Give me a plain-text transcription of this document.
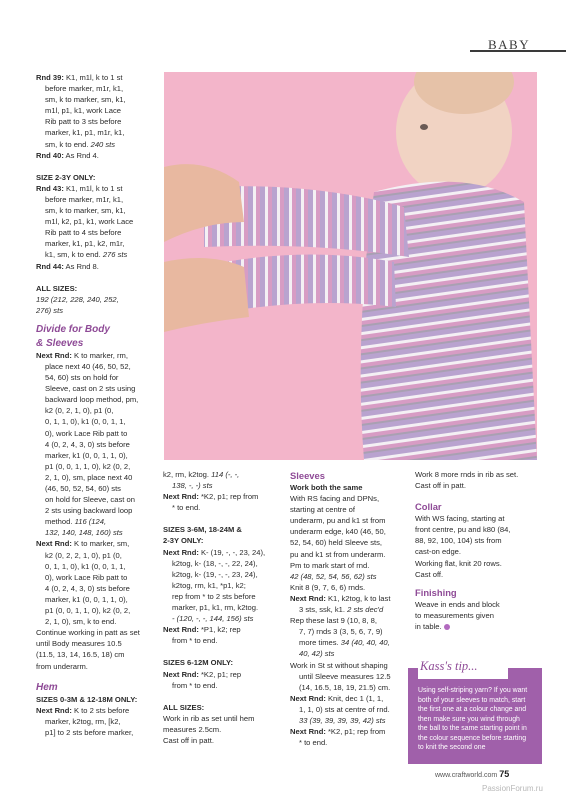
BABY

Rnd 39: K1, m1l, k to 1 st

before marker, m1r, k1,

sm, k to marker, sm, k1,

m1l, p1, k1, work Lace

Rib patt to 3 sts before

marker, k1, p1, m1r, k1,

sm, k to end. 240 sts

Rnd 40: As Rnd 4.

SIZE 2-3Y ONLY:

Rnd 43: K1, m1l, k to 1 st

before marker, m1r, k1,

sm, k to marker, sm, k1,

m1l, k2, p1, k1, work Lace

Rib patt to 4 sts before

marker, k1, p1, k2, m1r,

k1, sm, k to end. 276 sts

Rnd 44: As Rnd 8.

ALL SIZES:

192 (212, 228, 240, 252,

276) sts

Divide for Body

& Sleeves

Next Rnd: K to marker, rm,

place next 40 (46, 50, 52,

54, 60) sts on hold for

Sleeve, cast on 2 sts using

backward loop method, pm,

k2 (0, 2, 1, 0), p1 (0,

0, 1, 1, 0), k1 (0, 0, 1, 1,

0), work Lace Rib patt to

4 (0, 2, 4, 3, 0) sts before

marker, k1 (0, 0, 1, 1, 0),

p1 (0, 0, 1, 1, 0), k2 (0, 2,

2, 1, 0), sm, place next 40

(46, 50, 52, 54, 60) sts

on hold for Sleeve, cast on

2 sts using backward loop

method. 116 (124,

132, 140, 148, 160) sts

Next Rnd: K to marker, sm,

k2 (0, 2, 2, 1, 0), p1 (0,

0, 1, 1, 0), k1 (0, 0, 1, 1,

0), work Lace Rib patt to

4 (0, 2, 4, 3, 0) sts before

marker, k1 (0, 0, 1, 1, 0),

p1 (0, 0, 1, 1, 0), k2 (0, 2,

2, 1, 0), sm, k to end.

Continue working in patt as set

until Body measures 10.5

(11.5, 13, 14, 16.5, 18) cm

from underarm.

Hem

SIZES 0-3M & 12-18M ONLY:

Next Rnd: K to 2 sts before

marker, k2tog, rm, [k2,

p1] to 2 sts before marker,

k2, rm, k2tog. 114 (-, -,

138, -, -) sts

Next Rnd: *K2, p1; rep from

* to end.

SIZES 3-6M, 18-24M &

2-3Y ONLY:

Next Rnd: K- (19, -, -, 23, 24),

k2tog, k- (18, -, -, 22, 24),

k2tog, k- (19, -, -, 23, 24),

k2tog, rm, k1, *p1, k2;

rep from * to 2 sts before

marker, p1, k1, rm, k2tog.

- (120, -, -, 144, 156) sts

Next Rnd: *P1, k2; rep

from * to end.

SIZES 6-12M ONLY:

Next Rnd: *K2, p1; rep

from * to end.

ALL SIZES:

Work in rib as set until hem

measures 2.5cm.

Cast off in patt.

Sleeves

Work both the same

With RS facing and DPNs,

starting at centre of

underarm, pu and k1 st from

underarm edge, k40 (46, 50,

52, 54, 60) held Sleeve sts,

pu and k1 st from underarm.

Pm to mark start of rnd.

42 (48, 52, 54, 56, 62) sts

Knit 8 (9, 7, 6, 6) rnds.

Next Rnd: K1, k2tog, k to last

3 sts, ssk, k1. 2 sts dec'd

Rep these last 9 (10, 8, 8,

7, 7) rnds 3 (3, 5, 6, 7, 9)

more times. 34 (40, 40, 40,

40, 42) sts

Work in St st without shaping

until Sleeve measures 12.5

(14, 16.5, 18, 19, 21.5) cm.

Next Rnd: Knit, dec 1 (1, 1,

1, 1, 0) sts at centre of rnd.

33 (39, 39, 39, 39, 42) sts

Next Rnd: *K2, p1; rep from

* to end.

Work 8 more rnds in rib as set.

Cast off in patt.

Collar

With WS facing, starting at

front centre, pu and k80 (84,

88, 92, 100, 104) sts from

cast-on edge.

Working flat, knit 20 rows.

Cast off.

Finishing

Weave in ends and block

to measurements given

in table.

Kass's tip...
Using self-striping yarn? If you want
both of your sleeves to match, start
the first one at a colour change and
then make sure you wind through
the ball to the same starting point in
the colour sequence before starting
to knit the second one
www.craftworld.com 75
PassionForum.ru
